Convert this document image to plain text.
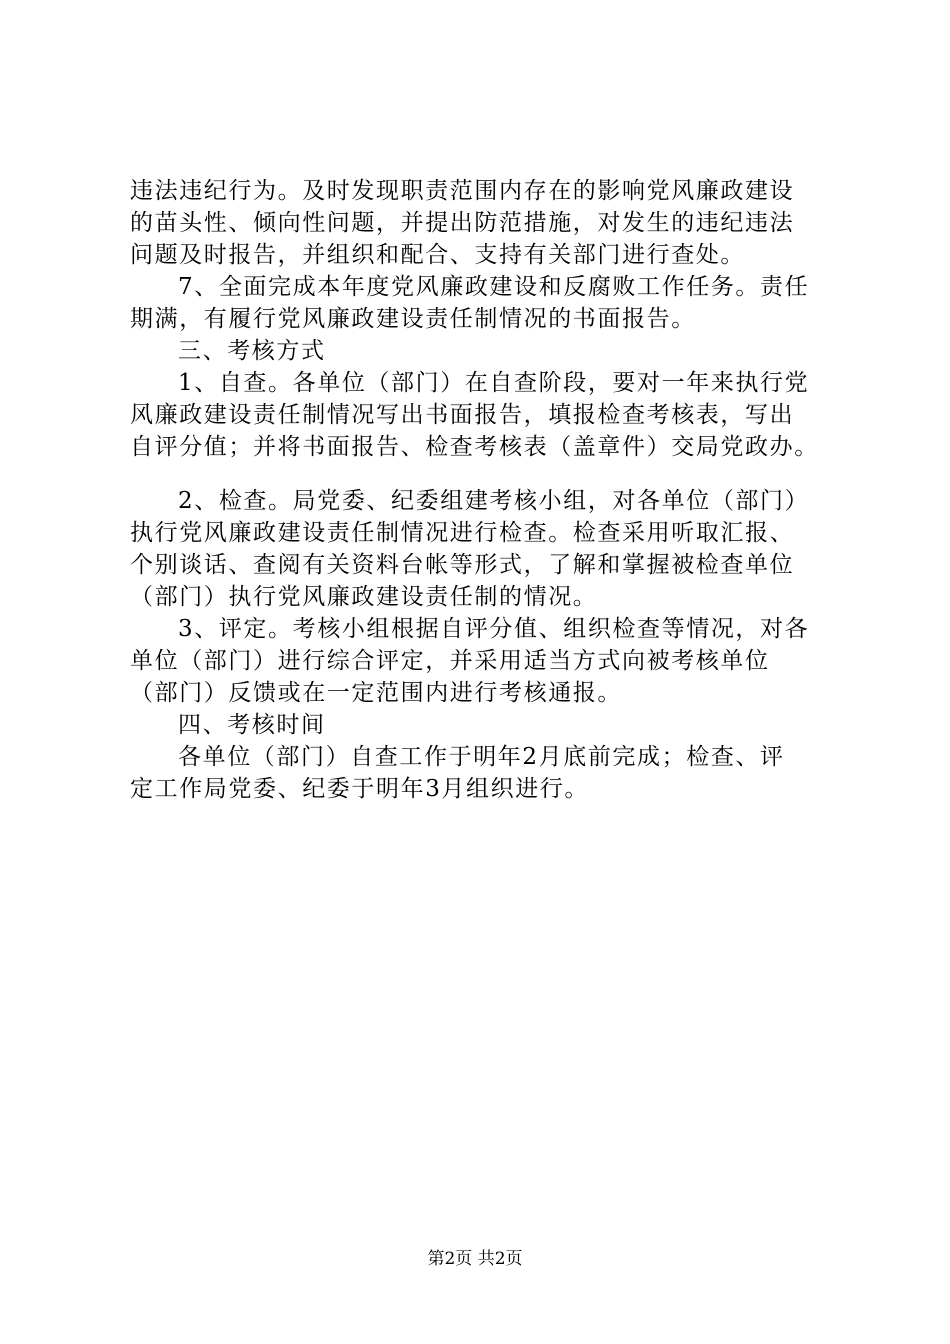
违法违纪行为。及时发现职责范围内存在的影响党风廉政建设
的苗头性、倾向性问题，并提出防范措施，对发生的违纪违法
问题及时报告，并组织和配合、支持有关部门进行查处。
7、全面完成本年度党风廉政建设和反腐败工作任务。责任
期满，有履行党风廉政建设责任制情况的书面报告。
三、考核方式
1、自查。各单位（部门）在自查阶段，要对一年来执行党
风廉政建设责任制情况写出书面报告，填报检查考核表，写出
自评分值；并将书面报告、检查考核表（盖章件）交局党政办。
2、检查。局党委、纪委组建考核小组，对各单位（部门）
执行党风廉政建设责任制情况进行检查。检查采用听取汇报、
个别谈话、查阅有关资料台帐等形式，了解和掌握被检查单位
（部门）执行党风廉政建设责任制的情况。
3、评定。考核小组根据自评分值、组织检查等情况，对各
单位（部门）进行综合评定，并采用适当方式向被考核单位
（部门）反馈或在一定范围内进行考核通报。
四、考核时间
各单位（部门）自查工作于明年2月底前完成；检查、评
定工作局党委、纪委于明年3月组织进行。
第2页 共2页
